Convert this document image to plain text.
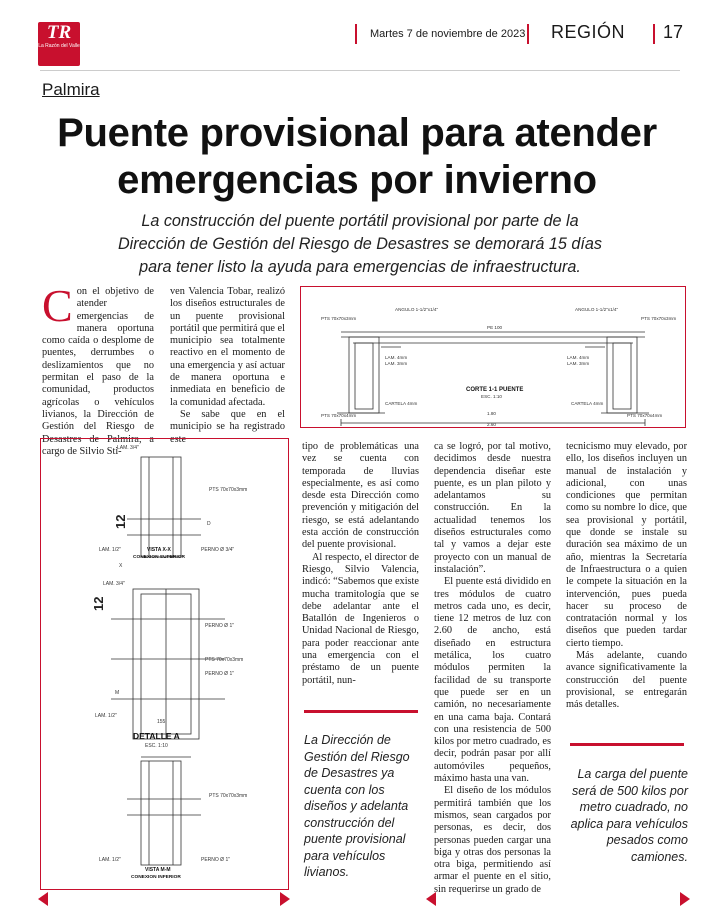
TR
La Razón del Valle
Martes 7 de noviembre de 2023 REGIÓN 17
Palmira
Puente provisional para atender
emergencias por invierno
La construcción del puente portátil provisional por parte de la
Dirección de Gestión del Riesgo de Desastres se demorará 15 días
para tener listo la ayuda para emergencias de infraestructura.
Con el objetivo de atender emergencias de manera oportuna como caída o desplome de puentes, derrumbes o deslizamientos que no permitan el paso de la comunidad, productos agrícolas o vehículos livianos, la Dirección de Gestión del Riesgo de Desastres de Palmira, a cargo de Silvio Sti-

ven Valencia Tobar, realizó los diseños estructurales de un puente provisional portátil que permitirá que el municipio sea totalmente reactivo en el momento de una emergencia y así actuar de manera oportuna e inmediata en beneficio de la comunidad afectada.

Se sabe que en el municipio se ha registrado este

PTS 70x70x3mm
ANGULO 1-1/2"x1/4"	ANGULO 1-1/2"x1/4"
PTS 70x70x3mm
PE 100
LAM. 4mm	LAM. 4mm
LAM. 3mm	LAM. 3mm
CARTELA 4mm	CARTELA 4mm
PTS 70x70x4mm	PTS 70x70x4mm
2.60
1.80
CORTE 1-1 PUENTE
ESC. 1:10
LAM. 3/4"
PTS 70x70x3mm
LAM. 1/2"	PERNO Ø 3/4"
D
LAM. 3/4"
PERNO Ø 1"
PTS 70x70x3mm
PERNO Ø 1"
LAM. 1/2"
M
X
155
LAM. 1/2"	PERNO Ø 1"
PTS 70x70x3mm
12
12
VISTA X-X
CONEXION SUPERIOR
DETALLE A
ESC. 1:10
VISTA M-M
CONEXION INFERIOR

tipo de problemáticas una vez se cuenta con temporada de lluvias especialmente, es así como desde esta Dirección como prevención y mitigación del riesgo, se está adelantando esta acción de construcción del puente provisional.

Al respecto, el director de Riesgo, Silvio Valencia, indicó: “Sabemos que existe mucha tramitología que se debe adelantar ante el Batallón de Ingenieros o Unidad Nacional de Riesgo, para poder reaccionar ante una emergencia con el préstamo de un puente portátil, nun-

La Dirección de Gestión del Riesgo de Desastres ya cuenta con los diseños y adelanta construcción del puente provisional para vehículos livianos.

ca se logró, por tal motivo, decidimos desde nuestra dependencia diseñar este puente, es un plan piloto y adelantamos su construcción. En la actualidad tenemos los diseños estructurales como tal y vamos a dejar este proyecto con un manual de instalación”.

El puente está dividido en tres módulos de cuatro metros cada uno, es decir, tiene 12 metros de luz con 2.60 de ancho, está diseñado en estructura metálica, los cuatro módulos permiten la facilidad de su transporte que puede ser en un camión, no necesariamente en una cama baja. Contará con una resistencia de 500 kilos por metro cuadrado, es decir, podrán pasar por allí automóviles pequeños, máximo hasta una van.

El diseño de los módulos permitirá también que los mismos, sean cargados por personas, es decir, dos personas pueden cargar una biga y otras dos personas la otra biga, permitiendo así armar el puente en el sitio, sin requerirse un grado de

tecnicismo muy elevado, por ello, los diseños incluyen un manual de instalación y adicional, con unas condiciones que permitan como su nombre lo dice, que sea provisional y portátil, que donde se instale su duración sea máximo de un año, mientras la Secretaría de Infraestructura o a quien le compete la situación en la intervención, pues pueda hacer su proceso de contratación normal y los diseños que pueden tardar cierto tiempo.

Más adelante, cuando avance significativamente la construcción del puente provisional, se entregarán más detalles.

La carga del puente será de 500 kilos por metro cuadrado, no aplica para vehículos pesados como camiones.
